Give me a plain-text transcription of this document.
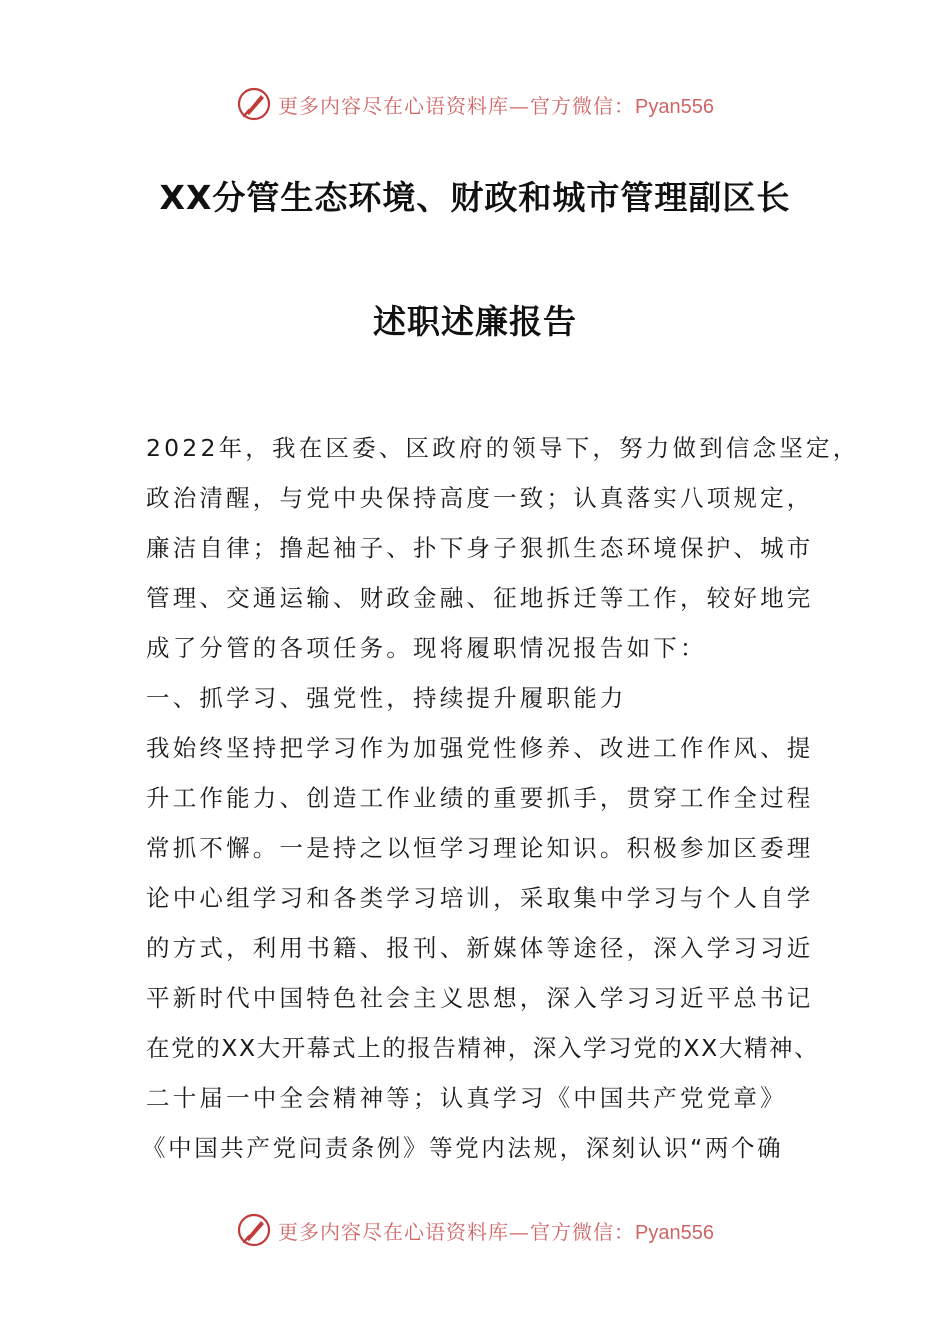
更多内容尽在心语资料库—官方微信：Pyan556
XX分管生态环境、财政和城市管理副区长
述职述廉报告
2022年，我在区委、区政府的领导下，努力做到信念坚定，
政治清醒，与党中央保持高度一致；认真落实八项规定，
廉洁自律；撸起袖子、扑下身子狠抓生态环境保护、城市
管理、交通运输、财政金融、征地拆迁等工作，较好地完
成了分管的各项任务。现将履职情况报告如下：
一、抓学习、强党性，持续提升履职能力
我始终坚持把学习作为加强党性修养、改进工作作风、提
升工作能力、创造工作业绩的重要抓手，贯穿工作全过程
常抓不懈。一是持之以恒学习理论知识。积极参加区委理
论中心组学习和各类学习培训，采取集中学习与个人自学
的方式，利用书籍、报刊、新媒体等途径，深入学习习近
平新时代中国特色社会主义思想，深入学习习近平总书记
在党的XX大开幕式上的报告精神，深入学习党的XX大精神、
二十届一中全会精神等；认真学习《中国共产党党章》
《中国共产党问责条例》等党内法规，深刻认识“两个确
更多内容尽在心语资料库—官方微信：Pyan556
